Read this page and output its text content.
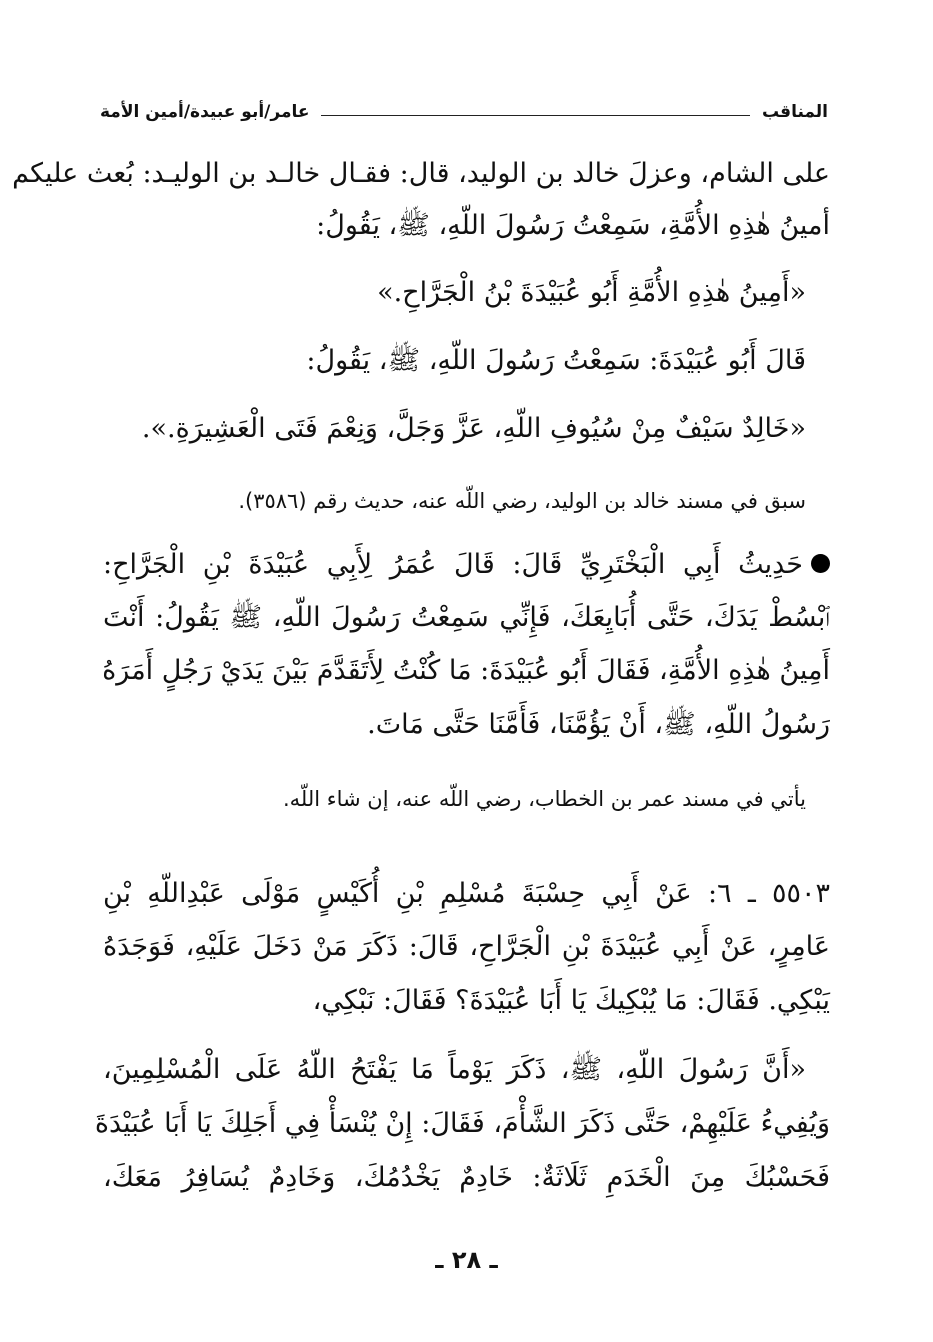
المناقب
عامر/أبو عبيدة/أمين الأمة
على الشام، وعزلَ خالد بن الوليد، قال: فقـال خالـد بن الوليـد: بُعث عليكم
أمينُ هٰذِهِ الأُمَّةِ، سَمِعْتُ رَسُولَ اللّهِ، ﷺ، يَقُولُ:
«أَمِينُ هٰذِهِ الأُمَّةِ أَبُو عُبَيْدَةَ بْنُ الْجَرَّاحِ.»
قَالَ أَبُو عُبَيْدَةَ: سَمِعْتُ رَسُولَ اللّهِ، ﷺ، يَقُولُ:
«خَالِدٌ سَيْفٌ مِنْ سُيُوفِ اللّهِ، عَزَّ وَجَلَّ، وَنِعْمَ فَتَى الْعَشِيرَةِ.».
سبق في مسند خالد بن الوليد، رضي اللّه عنه، حديث رقم (٣٥٨٦).
حَدِيثُ أَبِي الْبَخْتَرِيِّ قَالَ: قَالَ عُمَرُ لِأَبِي عُبَيْدَةَ بْنِ الْجَرَّاحِ:
ٱبْسُطْ يَدَكَ، حَتَّى أُبَايِعَكَ، فَإِنِّي سَمِعْتُ رَسُولَ اللّهِ، ﷺ يَقُولُ: أَنْتَ
أَمِينُ هٰذِهِ الأُمَّةِ، فَقَالَ أَبُو عُبَيْدَةَ: مَا كُنْتُ لِأَتَقَدَّمَ بَيْنَ يَدَيْ رَجُلٍ أَمَرَهُ
رَسُولُ اللّهِ، ﷺ، أَنْ يَؤُمَّنَا، فَأَمَّنَا حَتَّى مَاتَ.
يأتي في مسند عمر بن الخطاب، رضي اللّه عنه، إن شاء اللّه.
٥٥٠٣ ـ ٦: عَنْ أَبِي حِسْبَةَ مُسْلِمِ بْنِ أُكَيْسٍ مَوْلَى عَبْدِاللّهِ بْنِ
عَامِرٍ، عَنْ أَبِي عُبَيْدَةَ بْنِ الْجَرَّاحِ، قَالَ: ذَكَرَ مَنْ دَخَلَ عَلَيْهِ، فَوَجَدَهُ
يَبْكِي. فَقَالَ: مَا يُبْكِيكَ يَا أَبَا عُبَيْدَةَ؟ فَقَالَ: نَبْكِي،
«أَنَّ رَسُولَ اللّهِ، ﷺ، ذَكَرَ يَوْماً مَا يَفْتَحُ اللّهُ عَلَى الْمُسْلِمِينَ،
وَيُفِيءُ عَلَيْهِمْ، حَتَّى ذَكَرَ الشَّأْمَ، فَقَالَ: إِنْ يُنْسَأْ فِي أَجَلِكَ يَا أَبَا عُبَيْدَةَ
فَحَسْبُكَ مِنَ الْخَدَمِ ثَلَاثَةٌ: خَادِمٌ يَخْدُمُكَ، وَخَادِمٌ يُسَافِرُ مَعَكَ،
ـ ٢٨ ـ
